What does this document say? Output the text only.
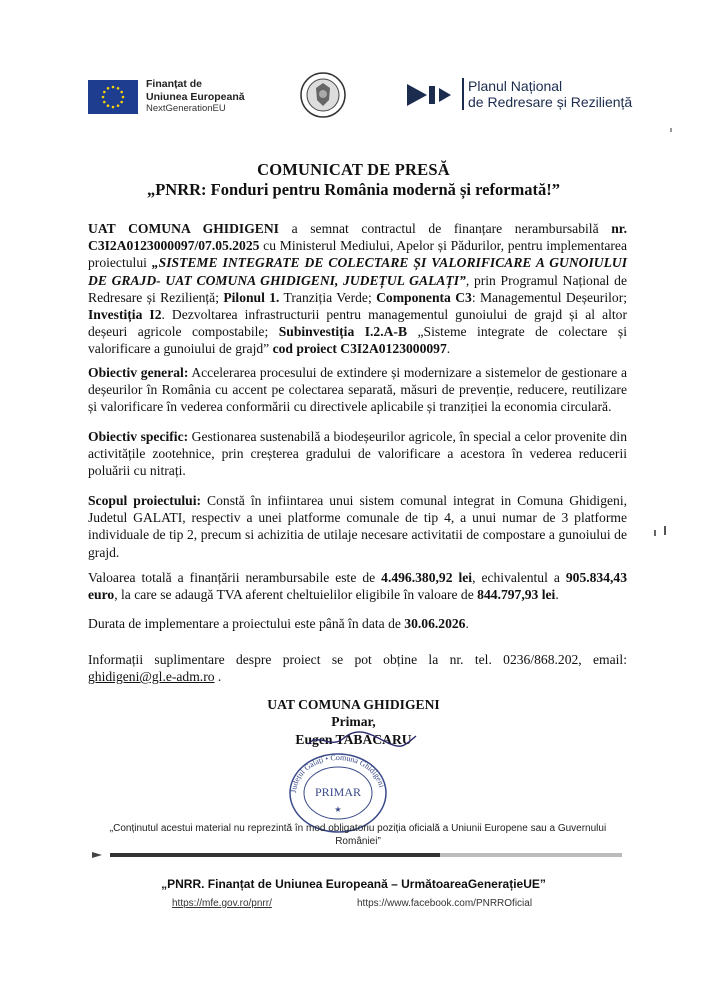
Finanțat de
Uniunea Europeană
NextGenerationEU
Planul Național
de Redresare și Reziliență
COMUNICAT DE PRESĂ
„PNRR: Fonduri pentru România modernă și reformată!”
UAT COMUNA GHIDIGENI a semnat contractul de finanțare nerambursabilă nr. C3I2A0123000097/07.05.2025 cu Ministerul Mediului, Apelor și Pădurilor, pentru implementarea proiectului „SISTEME INTEGRATE DE COLECTARE ȘI VALORIFICARE A GUNOIULUI DE GRAJD- UAT COMUNA GHIDIGENI, JUDEȚUL GALAȚI”, prin Programul Național de Redresare și Reziliență; Pilonul 1. Tranziția Verde; Componenta C3: Managementul Deșeurilor; Investiția I2. Dezvoltarea infrastructurii pentru managementul gunoiului de grajd și al altor deșeuri agricole compostabile; Subinvestiția I.2.A-B „Sisteme integrate de colectare și valorificare a gunoiului de grajd” cod proiect C3I2A0123000097.
Obiectiv general: Accelerarea procesului de extindere și modernizare a sistemelor de gestionare a deșeurilor în România cu accent pe colectarea separată, măsuri de prevenție, reducere, reutilizare și valorificare în vederea conformării cu directivele aplicabile și tranziției la economia circulară.
Obiectiv specific: Gestionarea sustenabilă a biodeșeurilor agricole, în special a celor provenite din activitățile zootehnice, prin creșterea gradului de valorificare a acestora în vederea reducerii poluării cu nitrați.
Scopul proiectului: Constă în infiintarea unui sistem comunal integrat in Comuna Ghidigeni, Judetul GALATI, respectiv a unei platforme comunale de tip 4, a unui numar de 3 platforme individuale de tip 2, precum si achizitia de utilaje necesare activitatii de compostare a gunoiului de grajd.
Valoarea totală a finanțării nerambursabile este de 4.496.380,92 lei, echivalentul a 905.834,43 euro, la care se adaugă TVA aferent cheltuielilor eligibile în valoare de 844.797,93 lei.
Durata de implementare a proiectului este până în data de 30.06.2026.
Informații suplimentare despre proiect se pot obține la nr. tel. 0236/868.202, email: ghidigeni@gl.e-adm.ro .
UAT COMUNA GHIDIGENI
Primar,
Eugen TABACARU
Județul Galați • Comuna Ghidigeni
PRIMAR
★
„Conținutul acestui material nu reprezintă în mod obligatoriu poziția oficială a Uniunii Europene sau a Guvernului României”
„PNRR. Finanțat de Uniunea Europeană – UrmătoareaGenerațieUE”
https://mfe.gov.ro/pnrr/	https://www.facebook.com/PNRROficial
